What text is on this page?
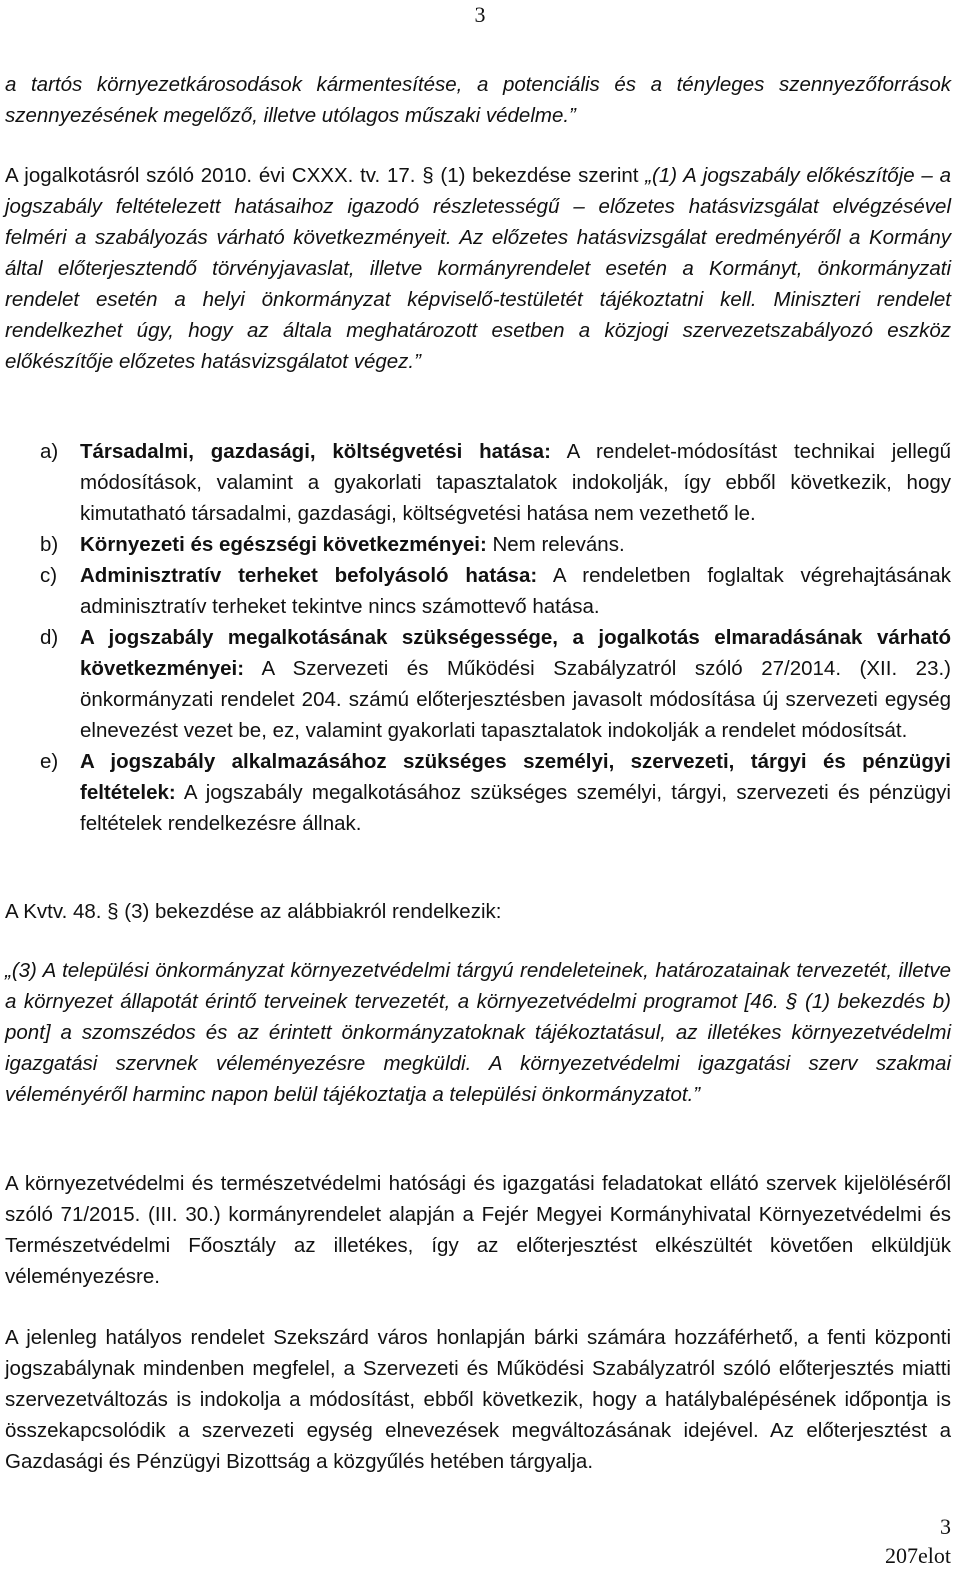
3

a tartós környezetkárosodások kármentesítése, a potenciális és a tényleges szennyezőforrások szennyezésének megelőző, illetve utólagos műszaki védelme.”

A jogalkotásról szóló 2010. évi CXXX. tv. 17. § (1) bekezdése szerint „(1) A jogszabály előkészítője – a jogszabály feltételezett hatásaihoz igazodó részletességű – előzetes hatásvizsgálat elvégzésével felméri a szabályozás várható következményeit. Az előzetes hatásvizsgálat eredményéről a Kormány által előterjesztendő törvényjavaslat, illetve kormányrendelet esetén a Kormányt, önkormányzati rendelet esetén a helyi önkormányzat képviselő-testületét tájékoztatni kell. Miniszteri rendelet rendelkezhet úgy, hogy az általa meghatározott esetben a közjogi szervezetszabályozó eszköz előkészítője előzetes hatásvizsgálatot végez.”

a)	Társadalmi, gazdasági, költségvetési hatása: A rendelet-módosítást technikai jellegű módosítások, valamint a gyakorlati tapasztalatok indokolják, így ebből következik, hogy kimutatható társadalmi, gazdasági, költségvetési hatása nem vezethető le.
b)	Környezeti és egészségi következményei: Nem releváns.
c)	Adminisztratív terheket befolyásoló hatása: A rendeletben foglaltak végrehajtásának adminisztratív terheket tekintve nincs számottevő hatása.
d)	A jogszabály megalkotásának szükségessége, a jogalkotás elmaradásának várható következményei: A Szervezeti és Működési Szabályzatról szóló 27/2014. (XII. 23.) önkormányzati rendelet 204. számú előterjesztésben javasolt módosítása új szervezeti egység elnevezést vezet be, ez, valamint gyakorlati tapasztalatok indokolják a rendelet módosítsát.
e)	A jogszabály alkalmazásához szükséges személyi, szervezeti, tárgyi és pénzügyi feltételek: A jogszabály megalkotásához szükséges személyi, tárgyi, szervezeti és pénzügyi feltételek rendelkezésre állnak.

A Kvtv. 48. § (3) bekezdése az alábbiakról rendelkezik:

„(3) A települési önkormányzat környezetvédelmi tárgyú rendeleteinek, határozatainak tervezetét, illetve a környezet állapotát érintő terveinek tervezetét, a környezetvédelmi programot [46. § (1) bekezdés b) pont] a szomszédos és az érintett önkormányzatoknak tájékoztatásul, az illetékes környezetvédelmi igazgatási szervnek véleményezésre megküldi. A környezetvédelmi igazgatási szerv szakmai véleményéről harminc napon belül tájékoztatja a települési önkormányzatot.”

A környezetvédelmi és természetvédelmi hatósági és igazgatási feladatokat ellátó szervek kijelöléséről szóló 71/2015. (III. 30.) kormányrendelet alapján a Fejér Megyei Kormányhivatal Környezetvédelmi és Természetvédelmi Főosztály az illetékes, így az előterjesztést elkészültét követően elküldjük véleményezésre.

A jelenleg hatályos rendelet Szekszárd város honlapján bárki számára hozzáférhető, a fenti központi jogszabálynak mindenben megfelel, a Szervezeti és Működési Szabályzatról szóló előterjesztés miatti szervezetváltozás is indokolja a módosítást, ebből következik, hogy a hatálybalépésének időpontja is összekapcsolódik a szervezeti egység elnevezések megváltozásának idejével. Az előterjesztést a Gazdasági és Pénzügyi Bizottság a közgyűlés hetében tárgyalja.

3
207elot
